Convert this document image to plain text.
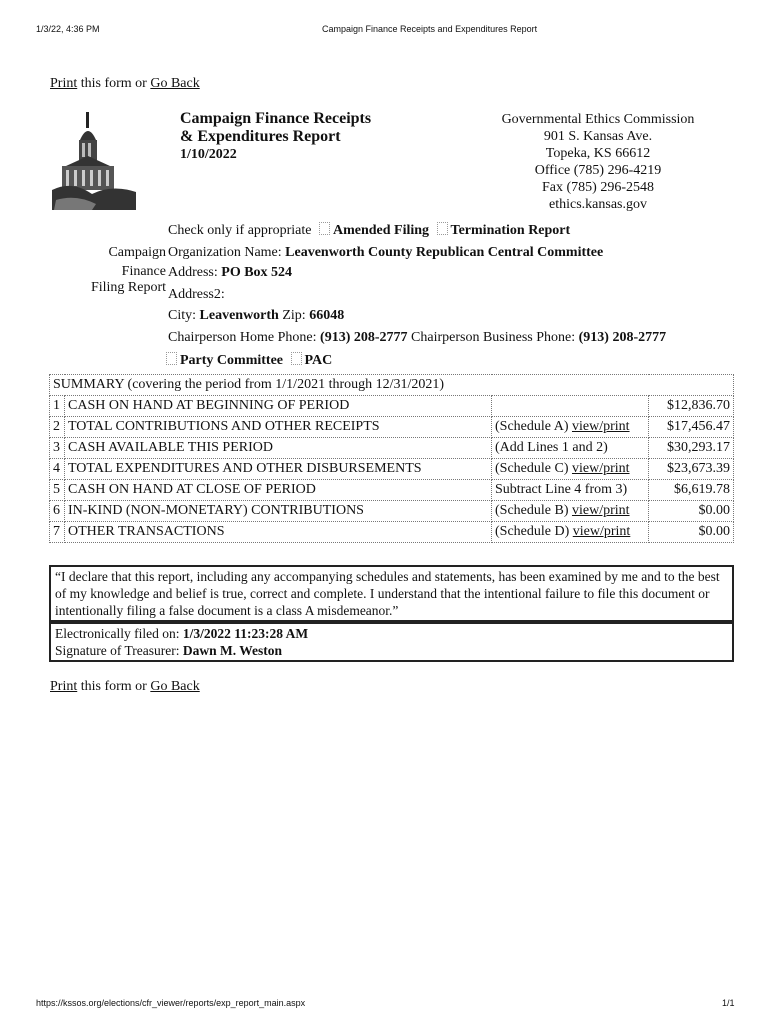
1/3/22, 4:36 PM	Campaign Finance Receipts and Expenditures Report
Print this form or Go Back
Campaign Finance Receipts
& Expenditures Report
1/10/2022
Governmental Ethics Commission
901 S. Kansas Ave.
Topeka, KS 66612
Office (785) 296-4219
Fax (785) 296-2548
ethics.kansas.gov
Check only if appropriate Amended Filing Termination Report
Campaign
Finance
Filing Report
Organization Name: Leavenworth County Republican Central Committee
Address: PO Box 524
Address2:
City: Leavenworth Zip: 66048
Chairperson Home Phone: (913) 208-2777 Chairperson Business Phone: (913) 208-2777
Party Committee PAC
SUMMARY (covering the period from 1/1/2021 through 12/31/2021)			
1	CASH ON HAND AT BEGINNING OF PERIOD		$12,836.70
2	TOTAL CONTRIBUTIONS AND OTHER RECEIPTS	(Schedule A) view/print	$17,456.47
3	CASH AVAILABLE THIS PERIOD	(Add Lines 1 and 2)	$30,293.17
4	TOTAL EXPENDITURES AND OTHER DISBURSEMENTS	(Schedule C) view/print	$23,673.39
5	CASH ON HAND AT CLOSE OF PERIOD	Subtract Line 4 from 3)	$6,619.78
6	IN-KIND (NON-MONETARY) CONTRIBUTIONS	(Schedule B) view/print	$0.00
7	OTHER TRANSACTIONS	(Schedule D) view/print	$0.00
“I declare that this report, including any accompanying schedules and statements, has been examined by me and to the best of my knowledge and belief is true, correct and complete. I understand that the intentional failure to file this document or intentionally filing a false document is a class A misdemeanor.”
Electronically filed on: 1/3/2022 11:23:28 AM
Signature of Treasurer: Dawn M. Weston
Print this form or Go Back
https://kssos.org/elections/cfr_viewer/reports/exp_report_main.aspx	1/1
